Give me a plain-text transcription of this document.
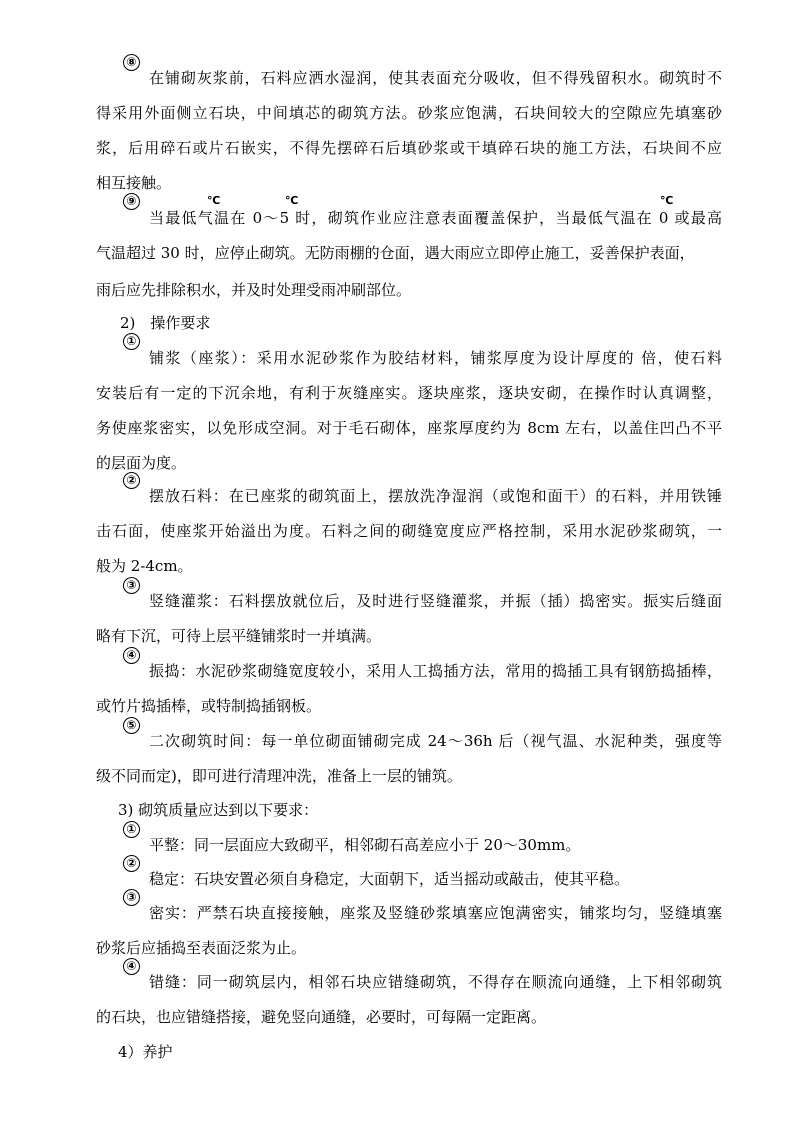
⑧
在铺砌灰浆前，石料应洒水湿润，使其表面充分吸收，但不得残留积水。砌筑时不
得采用外面侧立石块，中间填芯的砌筑方法。砂浆应饱满，石块间较大的空隙应先填塞砂
浆，后用碎石或片石嵌实，不得先摆碎石后填砂浆或干填碎石块的施工方法，石块间不应
相互接触。
⑨	℃	℃	℃
当最低气温在 0～5 时，砌筑作业应注意表面覆盖保护，当最低气温在 0 或最高
气温超过 30 时，应停止砌筑。无防雨棚的仓面，遇大雨应立即停止施工，妥善保护表面，
雨后应先排除积水，并及时处理受雨冲刷部位。
2)　操作要求
①
铺浆（座浆）：采用水泥砂浆作为胶结材料，铺浆厚度为设计厚度的 倍，使石料
安装后有一定的下沉余地，有利于灰缝座实。逐块座浆，逐块安砌，在操作时认真调整，
务使座浆密实，以免形成空洞。对于毛石砌体，座浆厚度约为 8cm 左右，以盖住凹凸不平
的层面为度。
②
摆放石料：在已座浆的砌筑面上，摆放洗净湿润（或饱和面干）的石料，并用铁锤
击石面，使座浆开始溢出为度。石料之间的砌缝宽度应严格控制，采用水泥砂浆砌筑，一
般为 2-4cm。
③
竖缝灌浆：石料摆放就位后，及时进行竖缝灌浆，并振（插）捣密实。振实后缝面
略有下沉，可待上层平缝铺浆时一并填满。
④
振捣：水泥砂浆砌缝宽度较小，采用人工捣插方法，常用的捣插工具有钢筋捣插棒，
或竹片捣插棒，或特制捣插钢板。
⑤
二次砌筑时间：每一单位砌面铺砌完成 24～36h 后（视气温、水泥种类，强度等
级不同而定)，即可进行清理冲洗，准备上一层的铺筑。
3) 砌筑质量应达到以下要求：
①
平整：同一层面应大致砌平，相邻砌石高差应小于 20～30mm。
②
稳定：石块安置必须自身稳定，大面朝下，适当摇动或敲击，使其平稳。
③
密实：严禁石块直接接触，座浆及竖缝砂浆填塞应饱满密实，铺浆均匀，竖缝填塞
砂浆后应插捣至表面泛浆为止。
④
错缝：同一砌筑层内，相邻石块应错缝砌筑，不得存在顺流向通缝，上下相邻砌筑
的石块，也应错缝搭接，避免竖向通缝，必要时，可每隔一定距离。
4）养护
